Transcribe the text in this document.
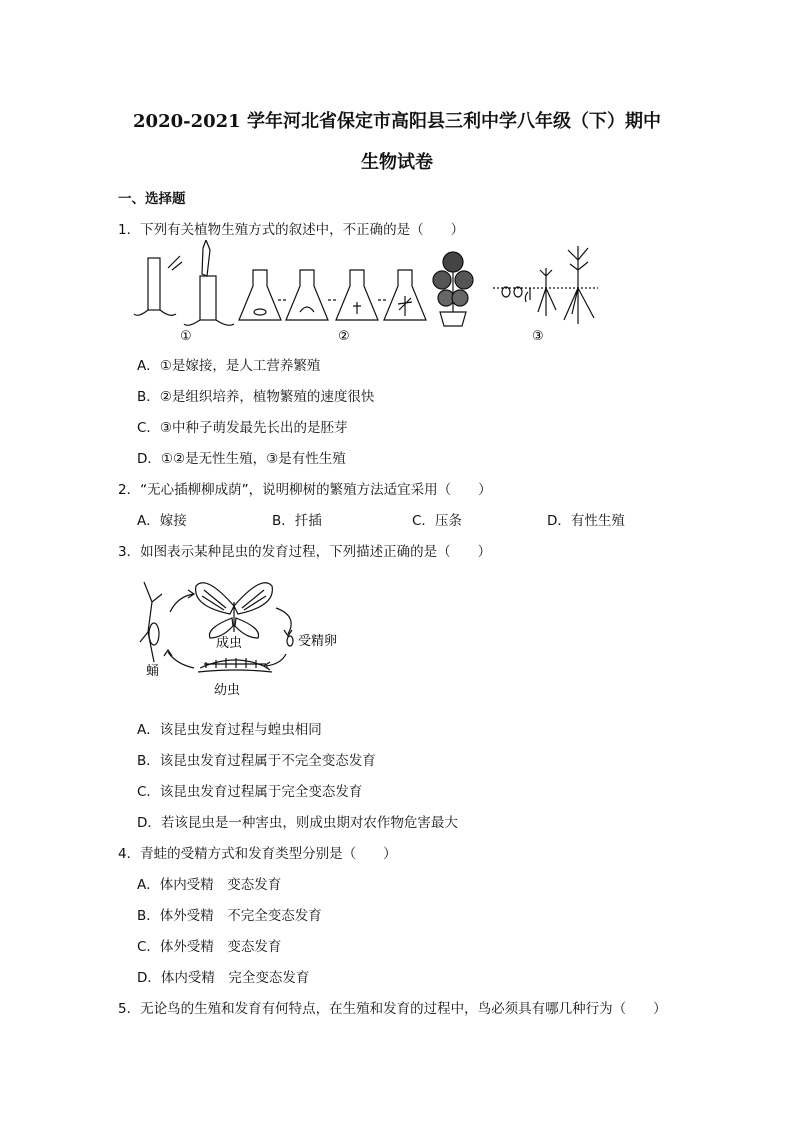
2020-2021 学年河北省保定市高阳县三利中学八年级（下）期中
生物试卷
一、选择题
1．下列有关植物生殖方式的叙述中，不正确的是（　　）
①	②	③
A．①是嫁接，是人工营养繁殖
B．②是组织培养，植物繁殖的速度很快
C．③中种子萌发最先长出的是胚芽
D．①②是无性生殖，③是有性生殖
2．“无心插柳柳成荫”，说明柳树的繁殖方法适宜采用（　　）
A．嫁接	B．扦插	C．压条	D．有性生殖
3．如图表示某种昆虫的发育过程，下列描述正确的是（　　）
成虫	受精卵
蛹
幼虫
A．该昆虫发育过程与蝗虫相同
B．该昆虫发育过程属于不完全变态发育
C．该昆虫发育过程属于完全变态发育
D．若该昆虫是一种害虫，则成虫期对农作物危害最大
4．青蛙的受精方式和发育类型分别是（　　）
A．体内受精　变态发育
B．体外受精　不完全变态发育
C．体外受精　变态发育
D．体内受精　完全变态发育
5．无论鸟的生殖和发育有何特点，在生殖和发育的过程中，鸟必须具有哪几种行为（　　）
